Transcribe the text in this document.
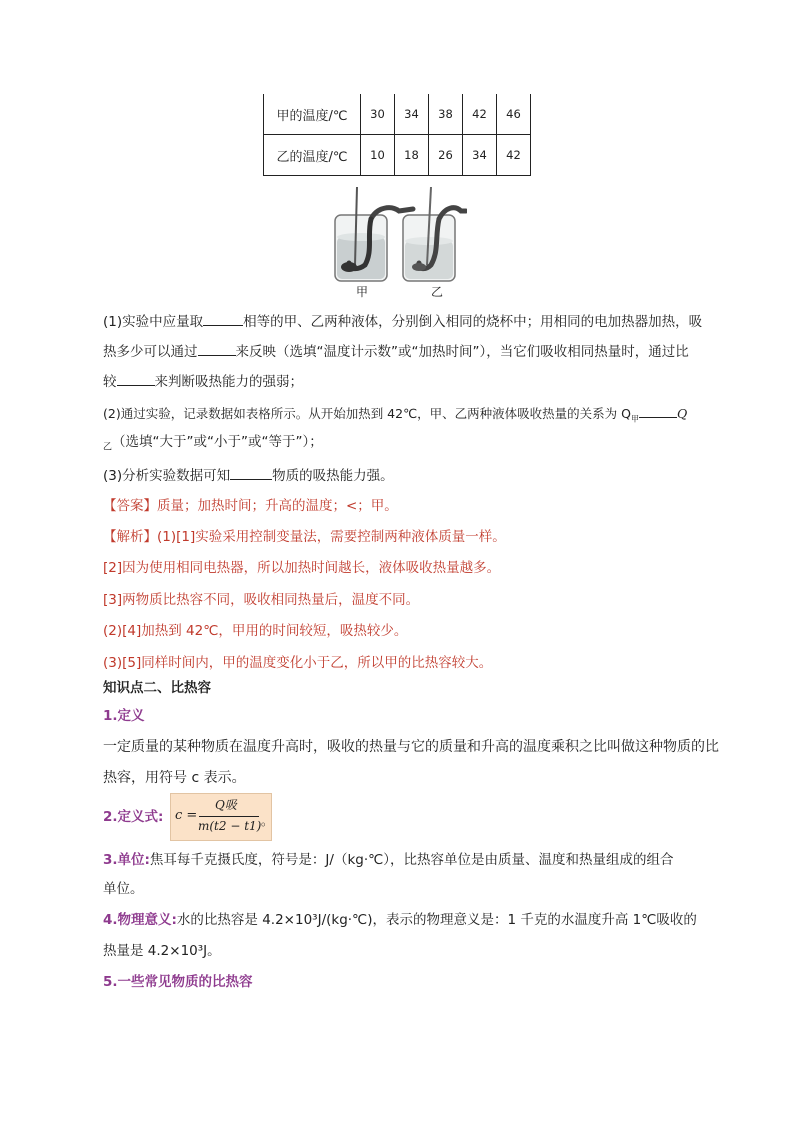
甲的温度/℃	30	34	38	42	46
乙的温度/℃	10	18	26	34	42
甲	乙
(1)实验中应量取	相等的甲、乙两种液体，分别倒入相同的烧杯中；用相同的电加热器加热，吸
热多少可以通过	来反映（选填“温度计示数”或“加热时间”），当它们吸收相同热量时，通过比
较	来判断吸热能力的强弱；
(2)通过实验，记录数据如表格所示。从开始加热到 42℃，甲、乙两种液体吸收热量的关系为 $Q_甲$	Q
$_乙$（选填“大于”或“小于”或“等于”）；
(3)分析实验数据可知	物质的吸热能力强。
【答案】质量；加热时间；升高的温度；<；甲。
【解析】(1)[1]实验采用控制变量法，需要控制两种液体质量一样。
[2]因为使用相同电热器，所以加热时间越长，液体吸收热量越多。
[3]两物质比热容不同，吸收相同热量后，温度不同。
(2)[4]加热到 42℃，甲用的时间较短，吸热较少。
(3)[5]同样时间内，甲的温度变化小于乙，所以甲的比热容较大。
知识点二、比热容
1.定义
一定质量的某种物质在温度升高时，吸收的热量与它的质量和升高的温度乘积之比叫做这种物质的比
热容，用符号 c 表示。
2.定义式: c =
Q吸
m(t2 − t1) 。
3.单位:焦耳每千克摄氏度，符号是：J/（kg·℃），比热容单位是由质量、温度和热量组成的组合
单位。
4.物理意义:水的比热容是 4.2×10³J/(kg·℃)，表示的物理意义是：1 千克的水温度升高 1℃吸收的
热量是 4.2×10³J。
5.一些常见物质的比热容
